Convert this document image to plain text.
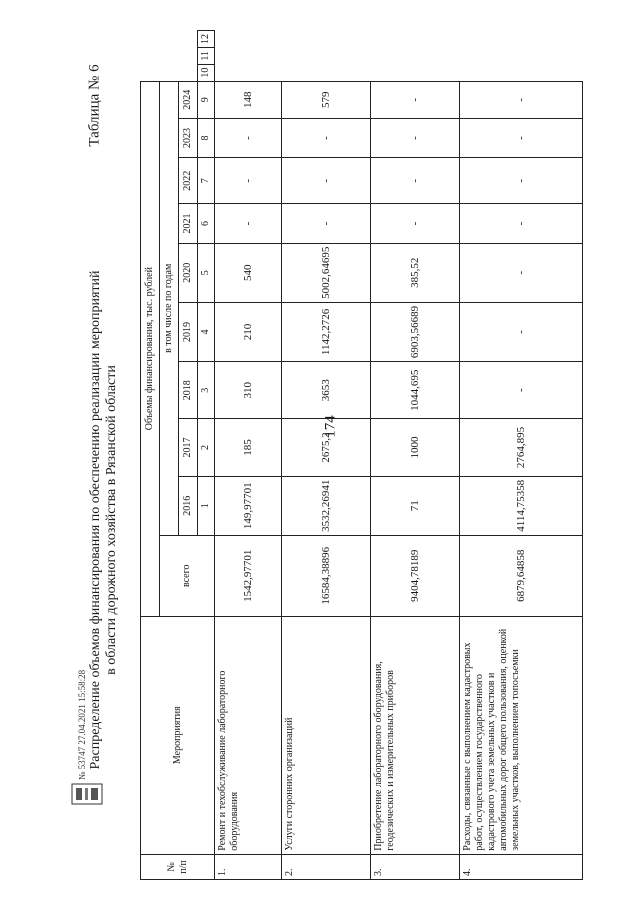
174
Таблица № 6
Распределение объемов финансирования по обеспечению реализации мероприятий в области дорожного хозяйства в Рязанской области
№ п/п	Мероприятия	Объемы финансирования, тыс. рублей												
		всего	в том числе по годам											
			2016	2017	2018	2019	2020	2021	2022	2023	2024			
			1	2	3	4	5	6	7	8	9	10	11	12
1.	Ремонт и техобслуживание лабораторного оборудования	1542,97701	149,97701	185	310	210	540	-	-	-	148			
2.	Услуги сторонних организаций	16584,38896	3532,26941	2675,2	3653	1142,2726	5002,64695	-	-	-	579			
3.	Приобретение лабораторного оборудования, геодезических и измерительных приборов	9404,78189	71	1000	1044,695	6903,56689	385,52	-	-	-	-			
4.	Расходы, связанные с выполнением кадастровых работ, осуществлением государственного кадастрового учета земельных участков и автомобильных дорог общего пользования, оценкой земельных участков, выполнением топосъемки	6879,64858	4114,75358	2764,895	-	-	-	-	-	-	-			
№ 53747 27.04.2021 15:58:28
